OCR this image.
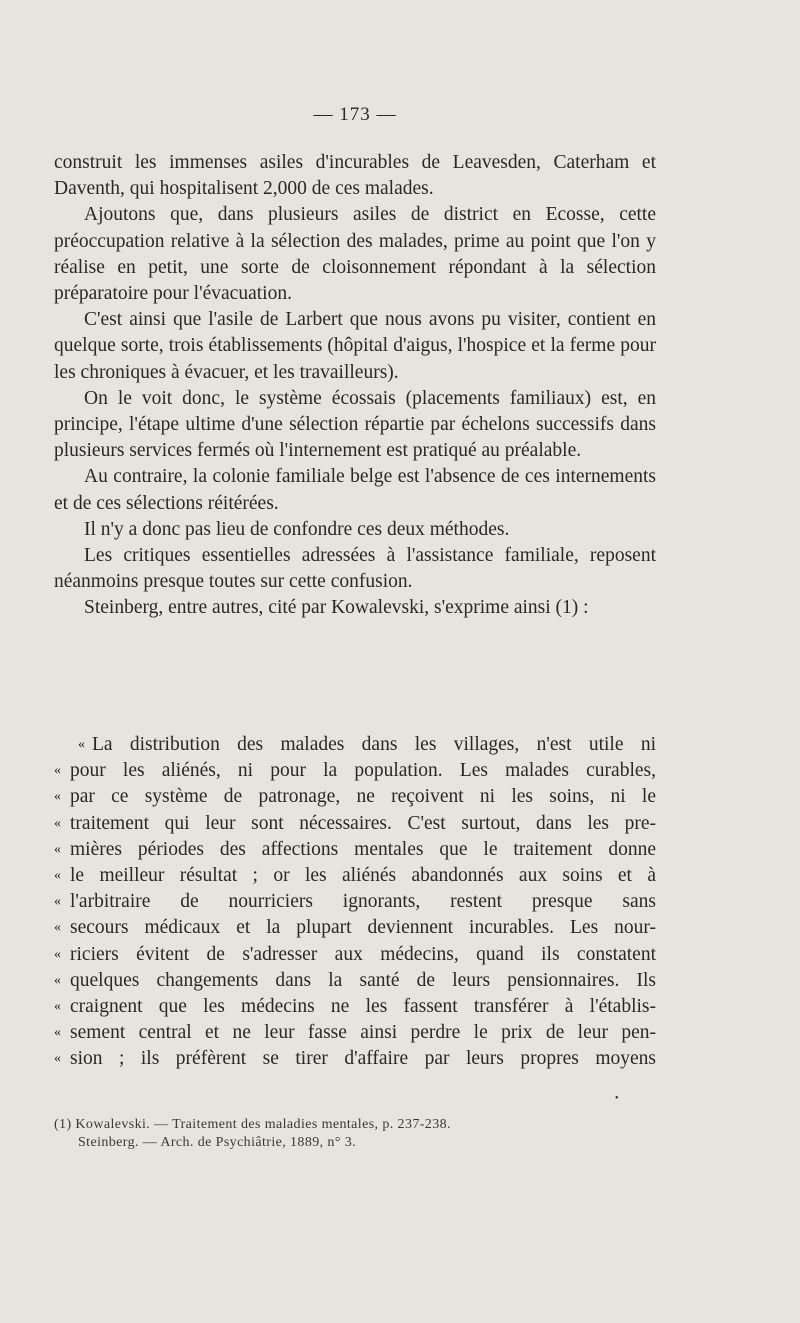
— 173 —

construit les immenses asiles d'incurables de Leavesden, Caterham et Daventh, qui hospitalisent 2,000 de ces malades.

Ajoutons que, dans plusieurs asiles de district en Ecosse, cette préoccupation relative à la sélection des malades, prime au point que l'on y réalise en petit, une sorte de cloisonnement répondant à la sélection préparatoire pour l'évacuation.

C'est ainsi que l'asile de Larbert que nous avons pu visiter, contient en quelque sorte, trois établissements (hôpital d'aigus, l'hospice et la ferme pour les chroniques à évacuer, et les travailleurs).

On le voit donc, le système écossais (placements familiaux) est, en principe, l'étape ultime d'une sélection répartie par échelons successifs dans plusieurs services fermés où l'internement est pratiqué au préalable.

Au contraire, la colonie familiale belge est l'absence de ces internements et de ces sélections réitérées.

Il n'y a donc pas lieu de confondre ces deux méthodes.

Les critiques essentielles adressées à l'assistance familiale, reposent néanmoins presque toutes sur cette confusion.

Steinberg, entre autres, cité par Kowalevski, s'exprime ainsi (1) :

« La distribution des malades dans les villages, n'est utile ni
« pour les aliénés, ni pour la population. Les malades curables,
« par ce système de patronage, ne reçoivent ni les soins, ni le
« traitement qui leur sont nécessaires. C'est surtout, dans les pre-
« mières périodes des affections mentales que le traitement donne
« le meilleur résultat ; or les aliénés abandonnés aux soins et à
« l'arbitraire de nourriciers ignorants, restent presque sans
« secours médicaux et la plupart deviennent incurables. Les nour-
« riciers évitent de s'adresser aux médecins, quand ils constatent
« quelques changements dans la santé de leurs pensionnaires. Ils
« craignent que les médecins ne les fassent transférer à l'établis-
« sement central et ne leur fasse ainsi perdre le prix de leur pen-
« sion ; ils préfèrent se tirer d'affaire par leurs propres moyens
•
(1) Kowalevski. — Traitement des maladies mentales, p. 237-238.
Steinberg. — Arch. de Psychiâtrie, 1889, n° 3.
